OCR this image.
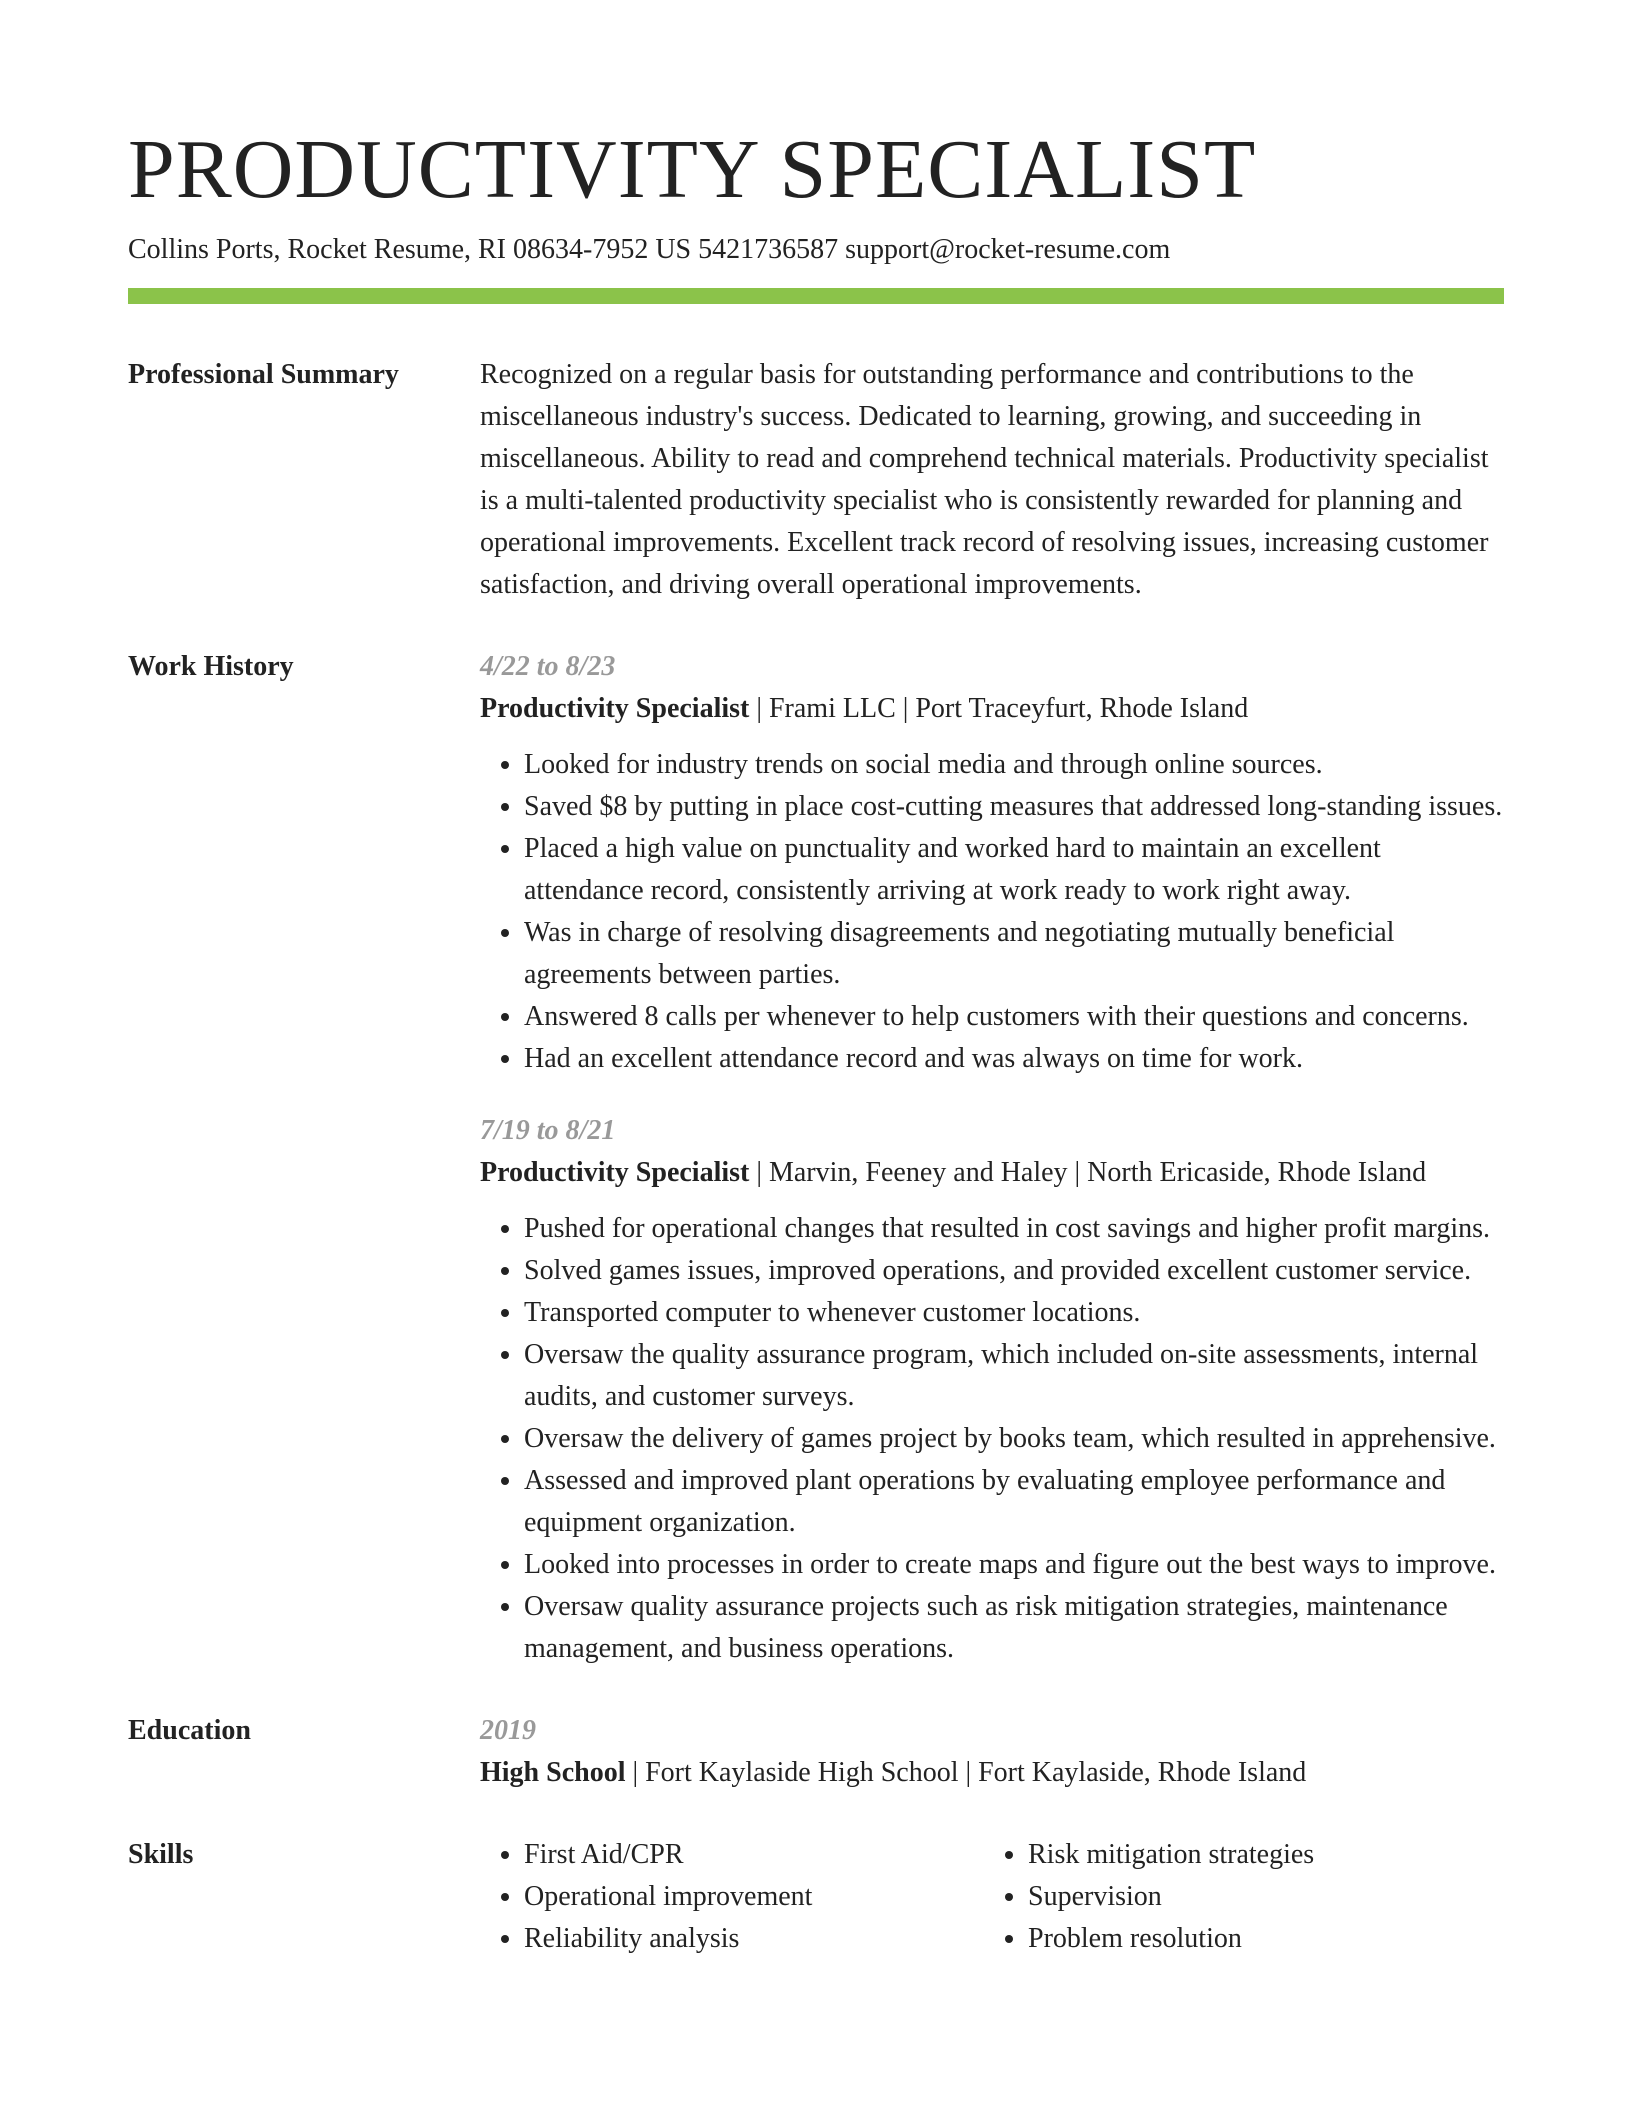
PRODUCTIVITY SPECIALIST
Collins Ports, Rocket Resume, RI 08634-7952 US 5421736587 support@rocket-resume.com
Professional Summary	Recognized on a regular basis for outstanding performance and contributions to the miscellaneous industry's success. Dedicated to learning, growing, and succeeding in miscellaneous. Ability to read and comprehend technical materials. Productivity specialist is a multi-talented productivity specialist who is consistently rewarded for planning and operational improvements. Excellent track record of resolving issues, increasing customer satisfaction, and driving overall operational improvements.

Work History	4/22 to 8/23
Productivity Specialist | Frami LLC | Port Traceyfurt, Rhode Island
• Looked for industry trends on social media and through online sources.
• Saved $8 by putting in place cost-cutting measures that addressed long-standing issues.
• Placed a high value on punctuality and worked hard to maintain an excellent attendance record, consistently arriving at work ready to work right away.
• Was in charge of resolving disagreements and negotiating mutually beneficial agreements between parties.
• Answered 8 calls per whenever to help customers with their questions and concerns.
• Had an excellent attendance record and was always on time for work.
7/19 to 8/21
Productivity Specialist | Marvin, Feeney and Haley | North Ericaside, Rhode Island
• Pushed for operational changes that resulted in cost savings and higher profit margins.
• Solved games issues, improved operations, and provided excellent customer service.
• Transported computer to whenever customer locations.
• Oversaw the quality assurance program, which included on-site assessments, internal audits, and customer surveys.
• Oversaw the delivery of games project by books team, which resulted in apprehensive.
• Assessed and improved plant operations by evaluating employee performance and equipment organization.
• Looked into processes in order to create maps and figure out the best ways to improve.
• Oversaw quality assurance projects such as risk mitigation strategies, maintenance management, and business operations.
Education	2019
High School | Fort Kaylaside High School | Fort Kaylaside, Rhode Island
Skills
•	First Aid/CPR
• Operational improvement
• Reliability analysis
• Risk mitigation strategies
• Supervision
• Problem resolution
